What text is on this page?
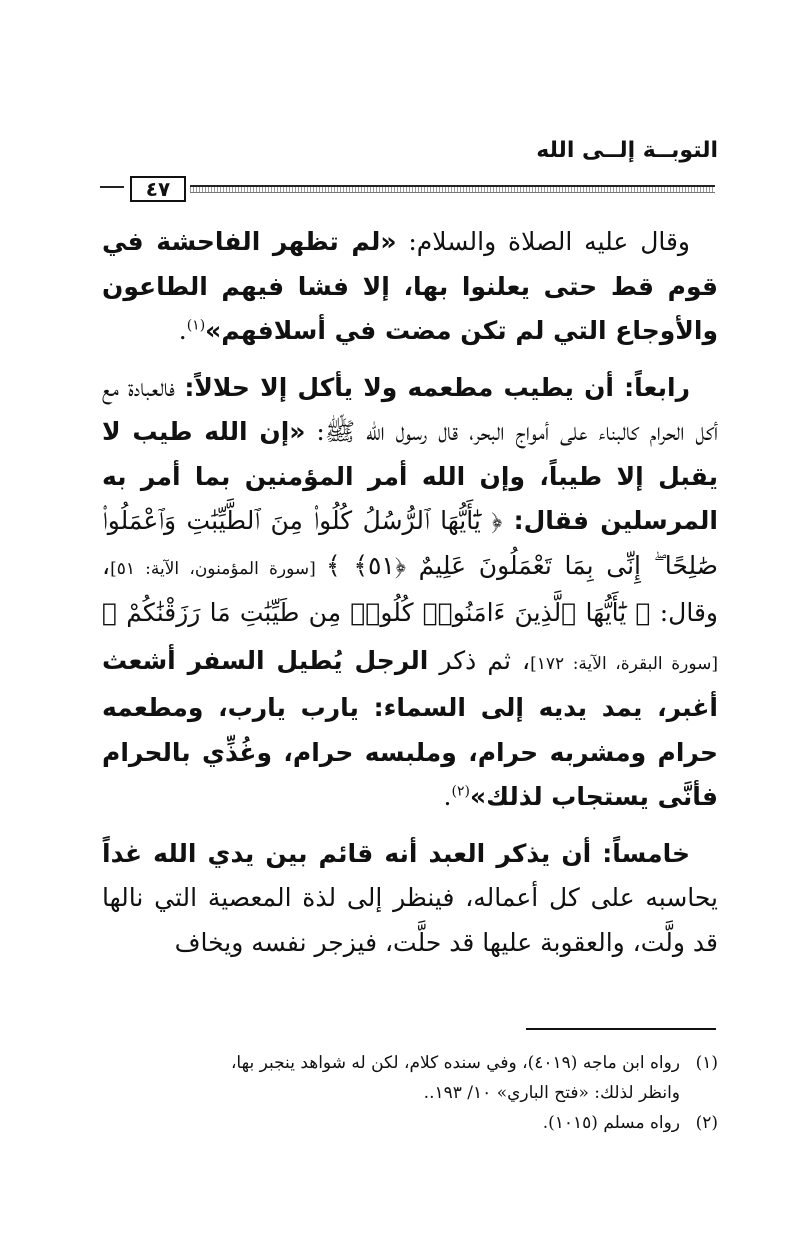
التوبــة إلــى الله
٤٧

وقال عليه الصلاة والسلام: «لم تظهر الفاحشة في قوم قط حتى يعلنوا بها، إلا فشا فيهم الطاعون والأوجاع التي لم تكن مضت في أسلافهم»$^{(١)}$.

رابعاً: أن يطيب مطعمه ولا يأكل إلا حلالاً: فالعبادة مع أكل الحرام كالبناء على أمواج البحر، قال رسول الله ﷺ: «إن الله طيب لا يقبل إلا طيباً، وإن الله أمر المؤمنين بما أمر به المرسلين فقال: ﴿ يَٰٓأَيُّهَا ٱلرُّسُلُ كُلُوا۟ مِنَ ٱلطَّيِّبَٰتِ وَٱعْمَلُوا۟ صَٰلِحًا ۖ إِنِّى بِمَا تَعْمَلُونَ عَلِيمٌ ﴿٥١﴾ ﴾ [سورة المؤمنون، الآية: ٥١]، وقال: ﴿ يَٰٓأَيُّهَا ٱلَّذِينَ ءَامَنُوا۟ كُلُوا۟ مِن طَيِّبَٰتِ مَا رَزَقْنَٰكُمْ ﴾ [سورة البقرة، الآية: ١٧٢]، ثم ذكر الرجل يُطيل السفر أشعث أغبر، يمد يديه إلى السماء: يارب يارب، ومطعمه حرام ومشربه حرام، وملبسه حرام، وغُذِّي بالحرام فأنَّى يستجاب لذلك»$^{(٢)}$.

خامساً: أن يذكر العبد أنه قائم بين يدي الله غداً يحاسبه على كل أعماله، فينظر إلى لذة المعصية التي نالها قد ولَّت، والعقوبة عليها قد حلَّت، فيزجر نفسه ويخاف

(١)
رواه ابن ماجه (٤٠١٩)، وفي سنده كلام، لكن له شواهد ينجبر بها،
وانظر لذلك: «فتح الباري» ١٠/ ١٩٣..
(٢)
رواه مسلم (١٠١٥).
